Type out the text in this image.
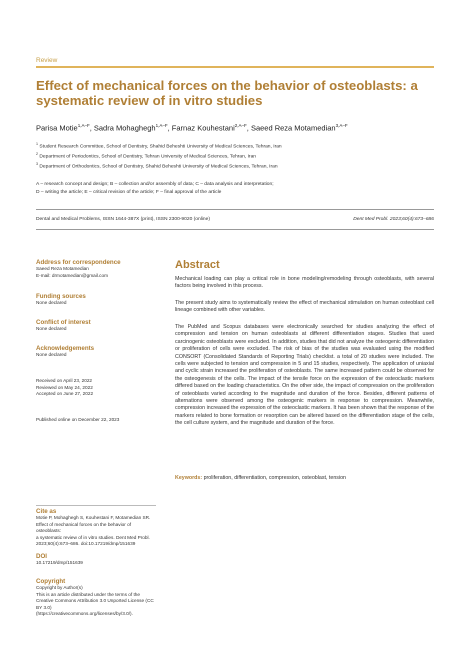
Review
Effect of mechanical forces on the behavior of osteoblasts: a systematic review of in vitro studies
Parisa Motie$^{1,A-F}$, Sadra Mohaghegh$^{1,A-F}$, Farnaz Kouhestani$^{2,A-F}$, Saeed Reza Motamedian$^{3,A-F}$
$^1$ Student Research Committee, School of Dentistry, Shahid Beheshti University of Medical Sciences, Tehran, Iran
$^2$ Department of Periodontics, School of Dentistry, Tehran University of Medical Sciences, Tehran, Iran
$^3$ Department of Orthodontics, School of Dentistry, Shahid Beheshti University of Medical Sciences, Tehran, Iran
A – research concept and design; B – collection and/or assembly of data; C – data analysis and interpretation;
D – writing the article; E – critical revision of the article; F – final approval of the article
Dental and Medical Problems, ISSN 1644-387X (print), ISSN 2300-9020 (online)	Dent Med Probl. 2023;60(4):673–686
Address for correspondence
Saeed Reza Motamedian
E-mail: drmotamedian@gmail.com
Funding sources
None declared
Conflict of interest
None declared
Acknowledgements
None declared
Received on April 23, 2022
Reviewed on May 24, 2022
Accepted on June 27, 2022
Published online on December 22, 2023
Cite as
Motie P, Mohaghegh S, Kouhestani F, Motamedian SR.
Effect of mechanical forces on the behavior of osteoblasts:
a systematic review of in vitro studies. Dent Med Probl.
2023;60(4):673–686. doi:10.17219/dmp/151639
DOI
10.17219/dmp/151639
Copyright
Copyright by Author(s)
This is an article distributed under the terms of the
Creative Commons Attribution 3.0 Unported License (CC BY 3.0)
(https://creativecommons.org/licenses/by/3.0/).
Abstract
Mechanical loading can play a critical role in bone modeling/remodeling through osteoblasts, with several factors being involved in this process.
The present study aims to systematically review the effect of mechanical stimulation on human osteoblast cell lineage combined with other variables.
The PubMed and Scopus databases were electronically searched for studies analyzing the effect of compression and tension on human osteoblasts at different differentiation stages. Studies that used carcinogenic osteoblasts were excluded. In addition, studies that did not analyze the osteogenic differentiation or proliferation of cells were excluded. The risk of bias of the studies was evaluated using the modified CONSORT (Consolidated Standards of Reporting Trials) checklist. a total of 20 studies were included. The cells were subjected to tension and compression in 5 and 15 studies, respectively. The application of uniaxial and cyclic strain increased the proliferation of osteoblasts. The same increased pattern could be observed for the osteogenesis of the cells. The impact of the tensile force on the expression of the osteoclastic markers differed based on the loading characteristics. On the other side, the impact of compression on the proliferation of osteoblasts varied according to the magnitude and duration of the force. Besides, different patterns of alternations were observed among the osteogenic markers in response to compression. Meanwhile, compression increased the expression of the osteoclastic markers. It has been shown that the response of the markers related to bone formation or resorption can be altered based on the differentiation stage of the cells, the cell culture system, and the magnitude and duration of the force.
Keywords: proliferation, differentiation, compression, osteoblast, tension
